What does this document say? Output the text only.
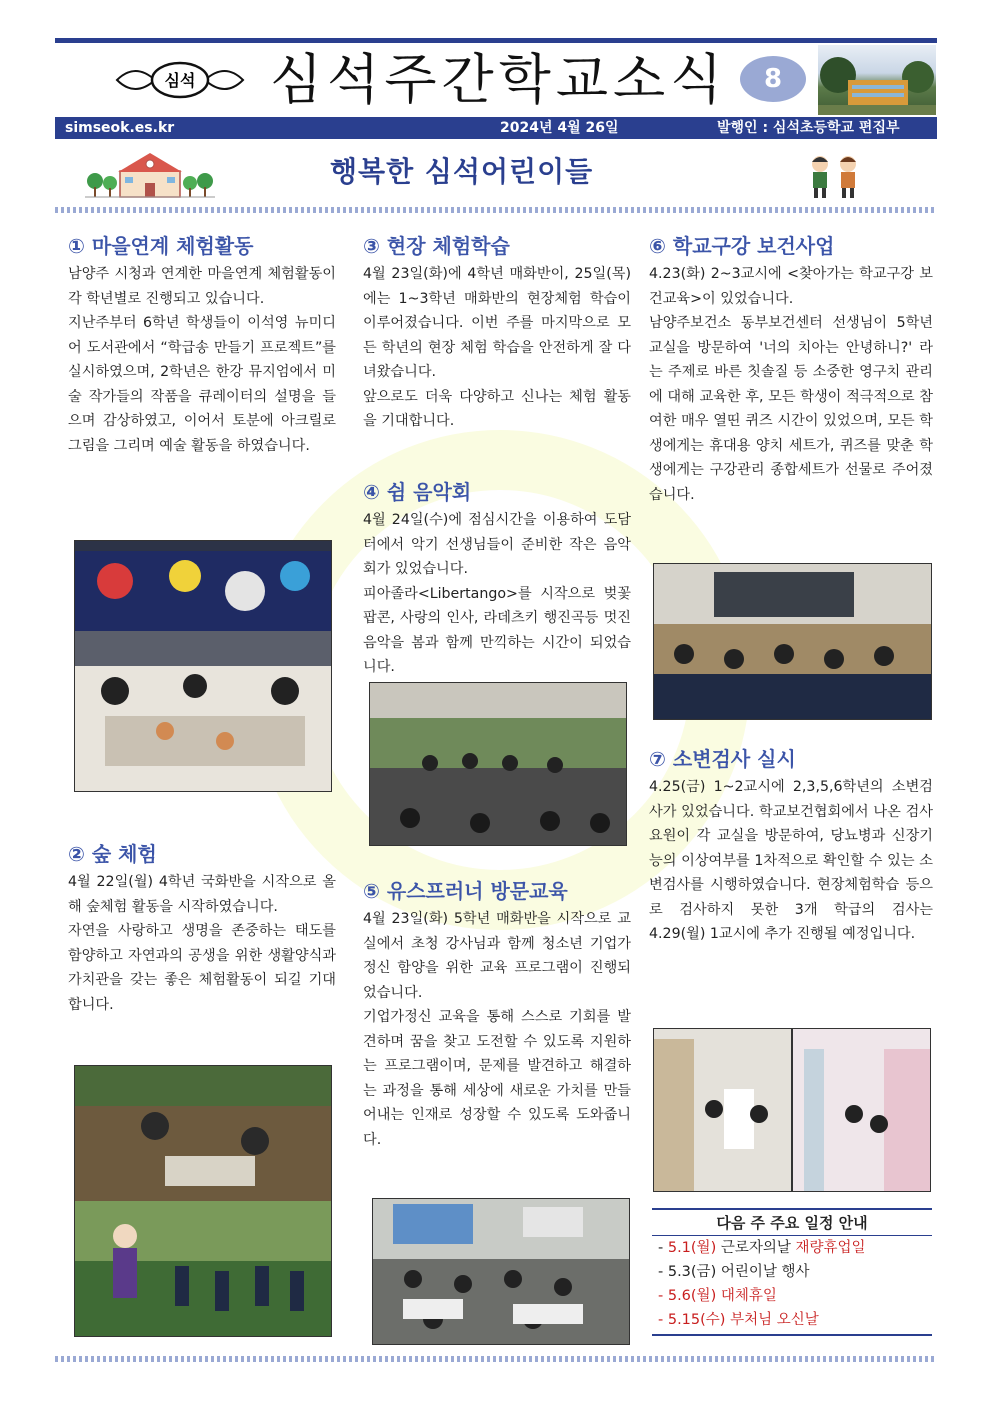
심석 심석주간학교소식	8
simseok.es.kr	2024년 4월 26일	발행인 : 심석초등학교 편집부
행복한 심석어린이들
① 마을연계 체험활동

남양주 시청과 연계한 마을연계 체험활동이 각 학년별로 진행되고 있습니다.

지난주부터 6학년 학생들이 이석영 뉴미디어 도서관에서 “학급송 만들기 프로젝트”를 실시하였으며, 2학년은 한강 뮤지엄에서 미술 작가들의 작품을 큐레이터의 설명을 들으며 감상하였고, 이어서 토분에 아크릴로 그림을 그리며 예술 활동을 하였습니다.

② 숲 체험

4월 22일(월) 4학년 국화반을 시작으로 올해 숲체험 활동을 시작하였습니다.

자연을 사랑하고 생명을 존중하는 태도를 함양하고 자연과의 공생을 위한 생활양식과 가치관을 갖는 좋은 체험활동이 되길 기대합니다.

③ 현장 체험학습

4월 23일(화)에 4학년 매화반이, 25일(목)에는 1~3학년 매화반의 현장체험 학습이 이루어졌습니다. 이번 주를 마지막으로 모든 학년의 현장 체험 학습을 안전하게 잘 다녀왔습니다.

앞으로도 더욱 다양하고 신나는 체험 활동을 기대합니다.

④ 쉼 음악회

4월 24일(수)에 점심시간을 이용하여 도담터에서 악기 선생님들이 준비한 작은 음악회가 있었습니다.

피아졸라<Libertango>를 시작으로 벚꽃팝콘, 사랑의 인사, 라데츠키 행진곡등 멋진 음악을 봄과 함께 만끽하는 시간이 되었습니다.

⑤ 유스프러너 방문교육

4월 23일(화) 5학년 매화반을 시작으로 교실에서 초청 강사님과 함께 청소년 기업가정신 함양을 위한 교육 프로그램이 진행되었습니다.

기업가정신 교육을 통해 스스로 기회를 발견하며 꿈을 찾고 도전할 수 있도록 지원하는 프로그램이며, 문제를 발견하고 해결하는 과정을 통해 세상에 새로운 가치를 만들어내는 인재로 성장할 수 있도록 도와줍니다.

⑥ 학교구강 보건사업

4.23(화) 2~3교시에 <찾아가는 학교구강 보건교육>이 있었습니다.

남양주보건소 동부보건센터 선생님이 5학년 교실을 방문하여 '너의 치아는 안녕하니?' 라는 주제로 바른 칫솔질 등 소중한 영구치 관리에 대해 교육한 후, 모든 학생이 적극적으로 참여한 매우 열띤 퀴즈 시간이 있었으며, 모든 학생에게는 휴대용 양치 세트가, 퀴즈를 맞춘 학생에게는 구강관리 종합세트가 선물로 주어졌습니다.

⑦ 소변검사 실시

4.25(금) 1~2교시에 2,3,5,6학년의 소변검사가 있었습니다. 학교보건협회에서 나온 검사요원이 각 교실을 방문하여, 당뇨병과 신장기능의 이상여부를 1차적으로 확인할 수 있는 소변검사를 시행하였습니다. 현장체험학습 등으로 검사하지 못한 3개 학급의 검사는 4.29(월) 1교시에 추가 진행될 예정입니다.

다음 주 주요 일정 안내
- 5.1(월) 근로자의날 재량휴업일
- 5.3(금) 어린이날 행사
- 5.6(월) 대체휴일
- 5.15(수) 부처님 오신날
